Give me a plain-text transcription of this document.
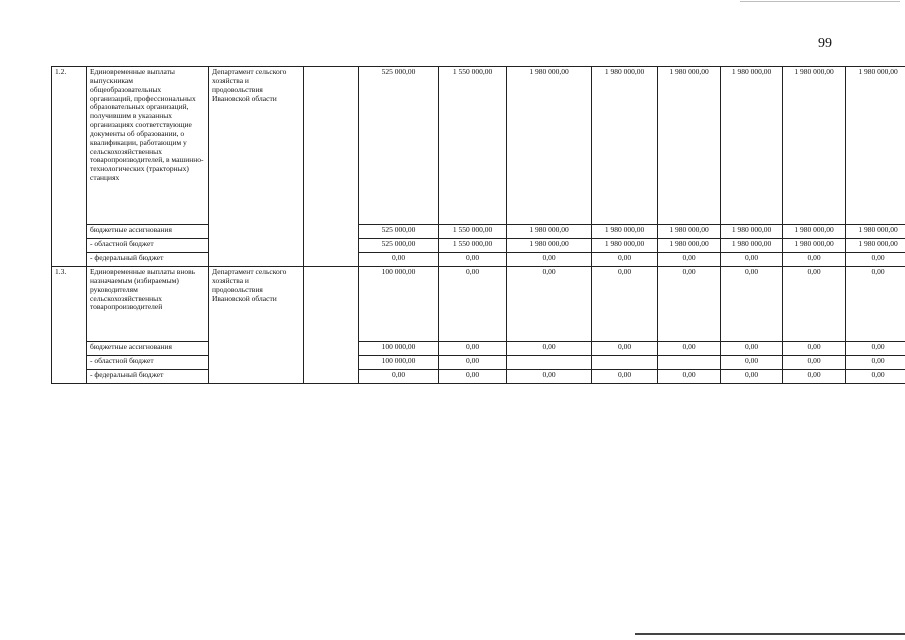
99
1.2.	Единовременные выплаты выпускникам общеобразовательных организаций, профессиональных образовательных организаций, получившим в указанных организациях соответствующие документы об образовании, о квалификации, работающим у сельскохозяйственных товаропроизводителей, в машинно-технологических (тракторных) станциях	Департамент сельского хозяйства и продовольствия Ивановской области		525 000,00	1 550 000,00	1 980 000,00	1 980 000,00	1 980 000,00	1 980 000,00	1 980 000,00	1 980 000,00
	бюджетные ассигнования			525 000,00	1 550 000,00	1 980 000,00	1 980 000,00	1 980 000,00	1 980 000,00	1 980 000,00	1 980 000,00
	- областной бюджет			525 000,00	1 550 000,00	1 980 000,00	1 980 000,00	1 980 000,00	1 980 000,00	1 980 000,00	1 980 000,00
	- федеральный бюджет			0,00	0,00	0,00	0,00	0,00	0,00	0,00	0,00
1.3.	Единовременные выплаты вновь назначаемым (избираемым) руководителям сельскохозяйственных товаропроизводителей	Департамент сельского хозяйства и продовольствия Ивановской области		100 000,00	0,00	0,00	0,00	0,00	0,00	0,00	0,00
	бюджетные ассигнования			100 000,00	0,00	0,00	0,00	0,00	0,00	0,00	0,00
	- областной бюджет			100 000,00	0,00				0,00	0,00	0,00
	- федеральный бюджет			0,00	0,00	0,00	0,00	0,00	0,00	0,00	0,00
